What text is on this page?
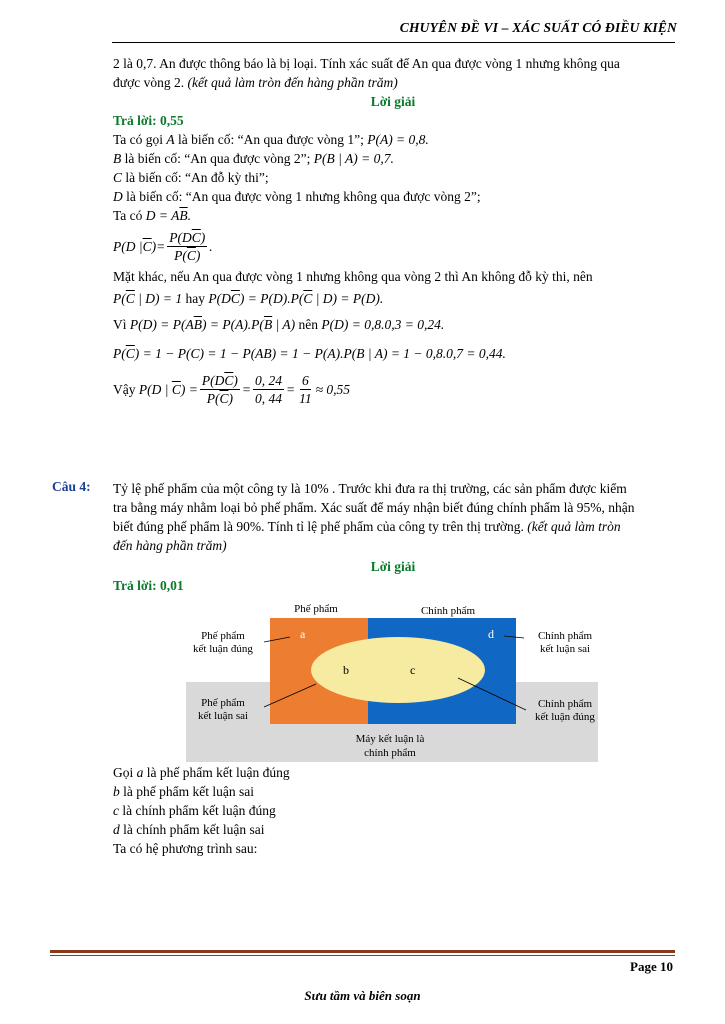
CHUYÊN ĐỀ VI – XÁC SUẤT CÓ ĐIỀU KIỆN

2 là 0,7. An được thông báo là bị loại. Tính xác suất để An qua được vòng 1 nhưng không qua

được vòng 2. (kết quả làm tròn đến hàng phần trăm)

Lời giải

Trả lời: 0,55

Ta có gọi A là biến cố: “An qua được vòng 1”; P(A) = 0,8.

B là biến cố: “An qua được vòng 2”; P(B | A) = 0,7.

C là biến cố: “An đỗ kỳ thi”;

D là biến cố: “An qua được vòng 1 nhưng không qua được vòng 2”;

Ta có $D = A\overline{B}$.

P ( D | $\overline{C}$ ) = $\frac{P(D\overline{C})}{P(\overline{C})}$ .

Mặt khác, nếu An qua được vòng 1 nhưng không qua vòng 2 thì An không đỗ kỳ thi, nên

$P(\overline{C}$ | D) = 1 hay $P(D\overline{C}) = P(D).P(\overline{C}$ | D) = P(D).

Vì $P(D) = P(A\overline{B}) = P(A).P(\overline{B}$ | A) nên P(D) = 0,8.0,3 = 0,24.

$P(\overline{C}) = 1 - P(C) = 1 - P(AB) = 1 - P(A).P(B$ | A) = 1 − 0,8.0,7 = 0,44.

Vậy
P(D | $\overline{C}) = \frac{P(D\overline{C})}{P(\overline{C})} = \frac{0, 24}{0, 44} = \frac{6}{11} \approx 0,55$
Câu 4: Tỷ lệ phế phẩm của một công ty là 10% . Trước khi đưa ra thị trường, các sản phẩm được kiểm

tra bằng máy nhằm loại bỏ phế phẩm. Xác suất để máy nhận biết đúng chính phẩm là 95%, nhận

biết đúng phế phẩm là 90%. Tính tỉ lệ phế phẩm của công ty trên thị trường. (kết quả làm tròn

đến hàng phần trăm)

Lời giải

Trả lời: 0,01

Phế phẩm	Chính phẩm
Phế phẩm
kết luận đúng
Phế phẩm
kết luận sai
Chính phẩm
kết luận sai
Chính phẩm
kết luận đúng
Máy kết luận là
chính phẩm
a
b	c
d

Gọi a là phế phẩm kết luận đúng

b là phế phẩm kết luận sai

c là chính phẩm kết luận đúng

d là chính phẩm kết luận sai

Ta có hệ phương trình sau:

Page 10
Sưu tầm và biên soạn
